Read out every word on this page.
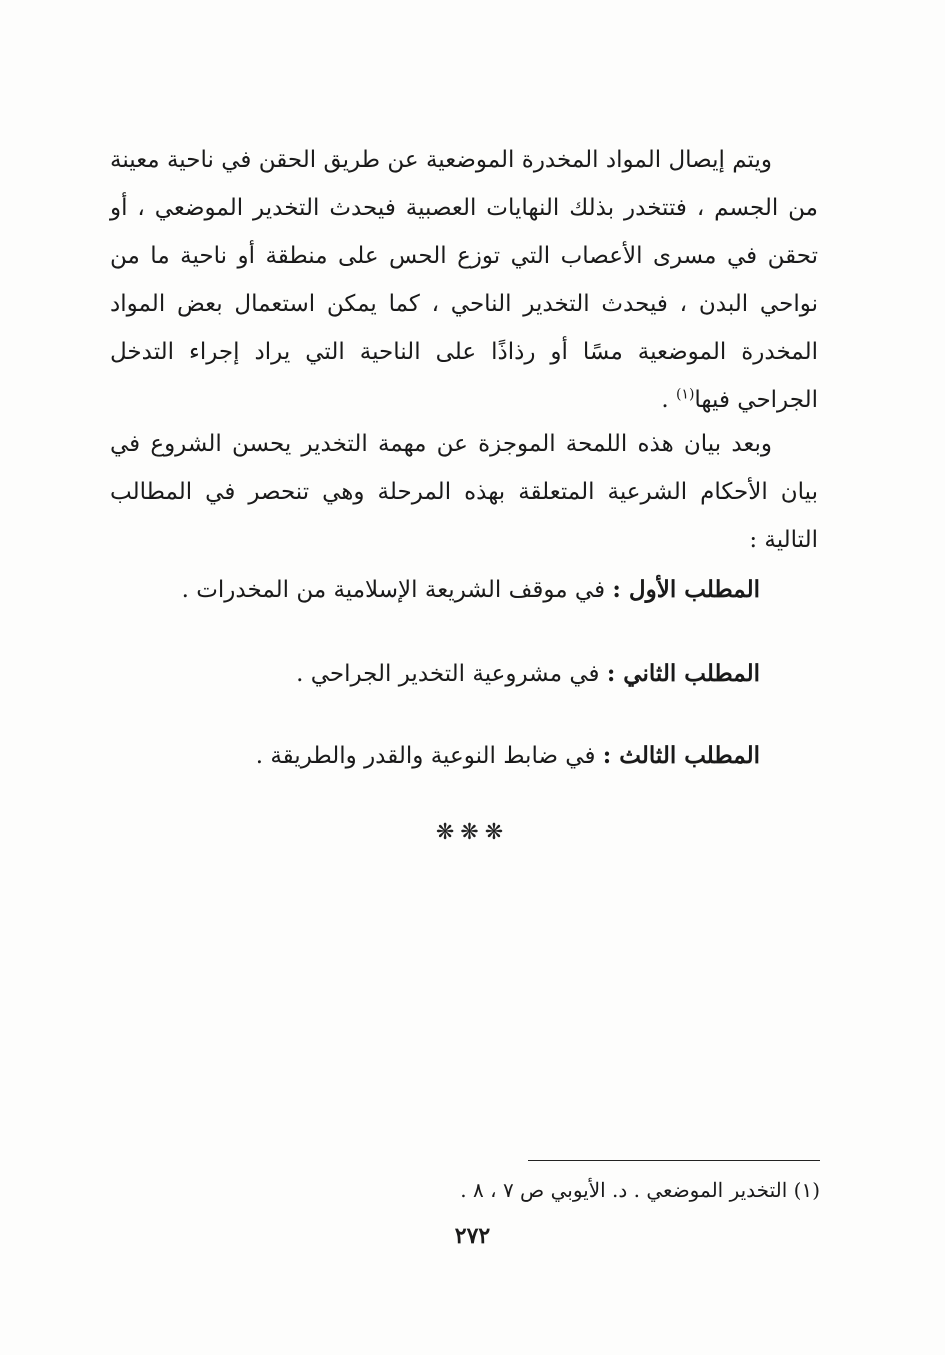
ويتم إيصال المواد المخدرة الموضعية عن طريق الحقن في ناحية معينة من الجسم ، فتتخدر بذلك النهايات العصبية فيحدث التخدير الموضعي ، أو تحقن في مسرى الأعصاب التي توزع الحس على منطقة أو ناحية ما من نواحي البدن ، فيحدث التخدير الناحي ، كما يمكن استعمال بعض المواد المخدرة الموضعية مسًا أو رذاذًا على الناحية التي يراد إجراء التدخل الجراحي فيها$^{(١)}$ .

وبعد بيان هذه اللمحة الموجزة عن مهمة التخدير يحسن الشروع في بيان الأحكام الشرعية المتعلقة بهذه المرحلة وهي تنحصر في المطالب التالية :

المطلب الأول : في موقف الشريعة الإسلامية من المخدرات .
المطلب الثاني : في مشروعية التخدير الجراحي .
المطلب الثالث : في ضابط النوعية والقدر والطريقة .
❋❋❋
(١) التخدير الموضعي . د. الأيوبي ص ٧ ، ٨ .
٢٧٢
